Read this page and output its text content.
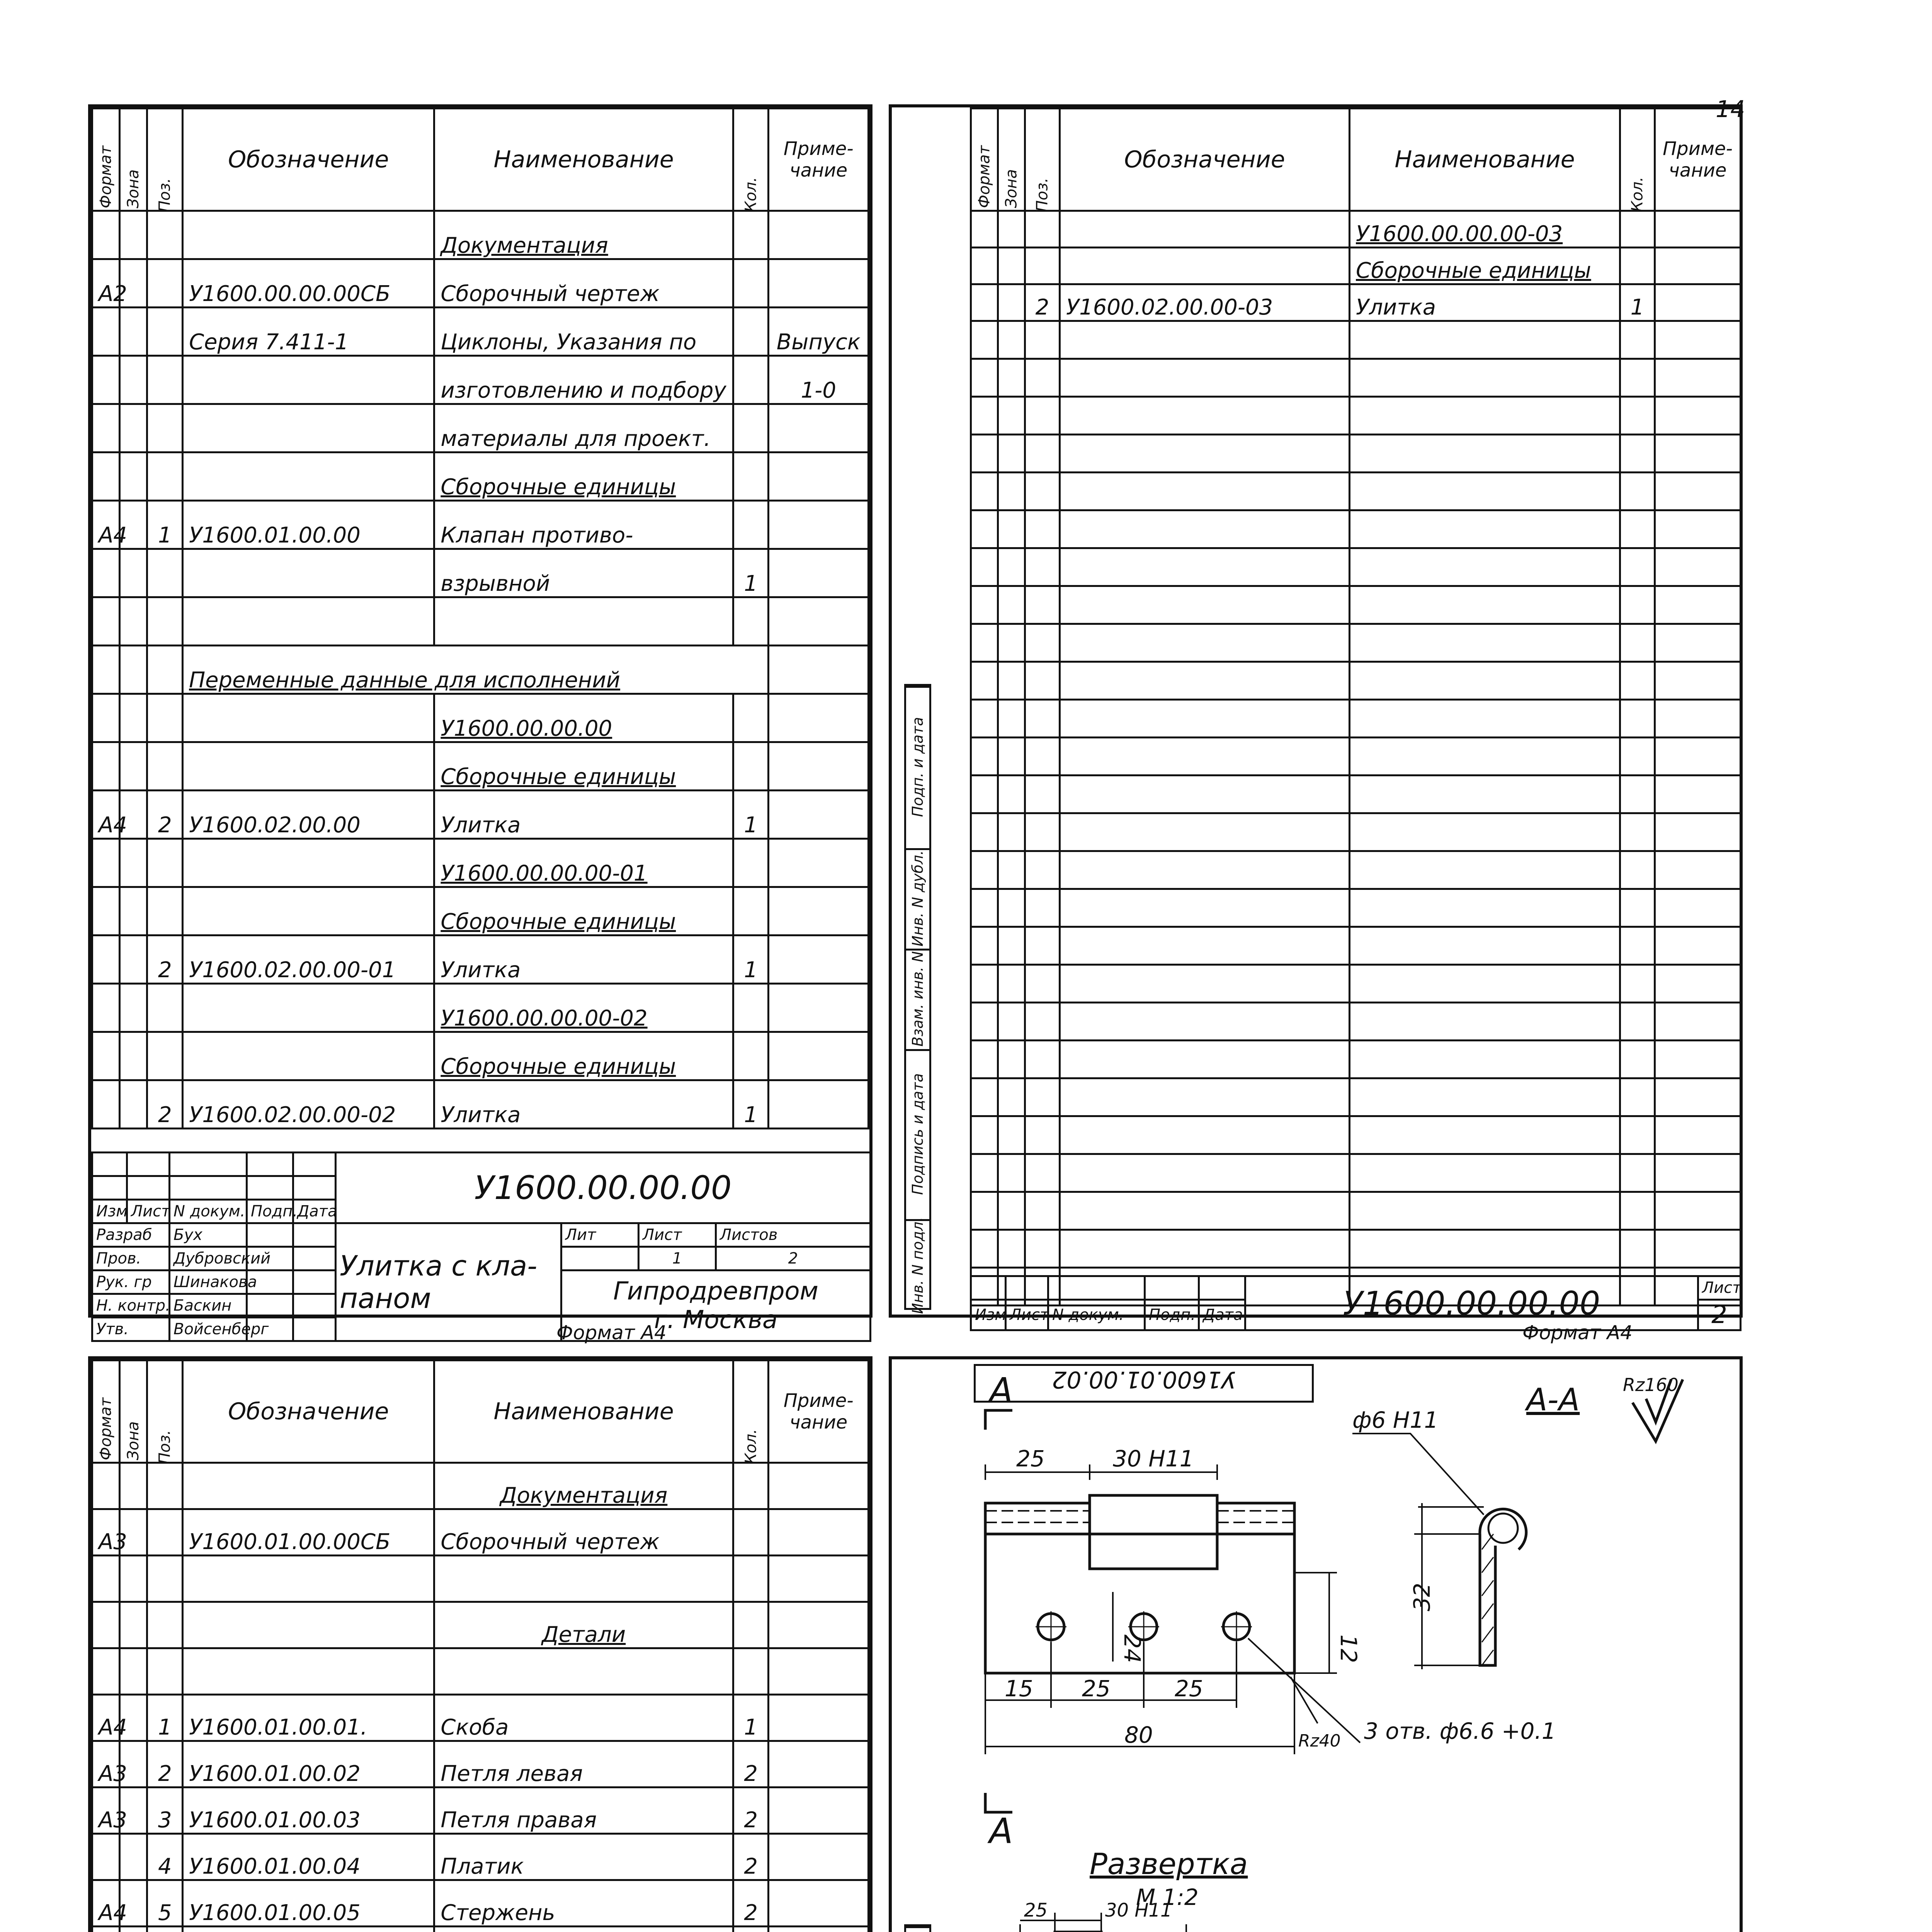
Формат	Зона	Поз.	Обозначение	Наименование	Кол.	Приме- чание
				Документация		
А2			У1600.00.00.00СБ	Сборочный чертеж		
			Серия 7.411-1	Циклоны, Указания по		Выпуск
				изготовлению и подбору		1-0
				материалы для проект.		
				Сборочные единицы		
А4		1	У1600.01.00.00	Клапан противо-		
				взрывной	1	

			Переменные данные для исполнений			
				У1600.00.00.00		
				Сборочные единицы		
А4		2	У1600.02.00.00	Улитка	1	
				У1600.00.00.00-01		
				Сборочные единицы		
		2	У1600.02.00.00-01	Улитка	1	
				У1600.00.00.00-02		
				Сборочные единицы		
		2	У1600.02.00.00-02	Улитка	1	
					У1600.00.00.00			

Изм	Лист	N докум.	Подп.	Дата				
Разраб		Бух			Улитка с кла- паном	Лит	Лист	Листов
Пров.		Дубровский					1	2
Рук. гр		Шинакова				Гипродревпром
г. Москва		

Н. контр.		Баскин						
Утв.		Войсенберг							Формат А4
14
Инв. N подл.
Подпись и дата
Взам. инв. N
Инв. N дубл.
Подп. и дата
Формат	Зона	Поз.	Обозначение	Наименование	Кол.	Приме- чание
				У1600.00.00.00-03		
				Сборочные единицы		
		2	У1600.02.00.00-03	Улитка	1	

					У1600.00.00.00	Лист
Изм	Лист	N докум.	Подп.	Дата		2
Формат А4
Формат	Зона	Поз.	Обозначение	Наименование	Кол.	Приме- чание
				Документация		
А3			У1600.01.00.00СБ	Сборочный чертеж		

				Детали		

А4		1	У1600.01.00.01.	Скоба	1	
А3		2	У1600.01.00.02	Петля левая	2	
А3		3	У1600.01.00.03	Петля правая	2	
		4	У1600.01.00.04	Платик	2	
А4		5	У1600.01.00.05	Стержень	2	

У1600.01.00.02	Rz160
А
А
А-А
25	30 H11
ф6 H11
32
24	12
15 25	25
80	3 отв. ф6.6 +0.1
Rz40
Развертка
М 1:2
25	30 H11
